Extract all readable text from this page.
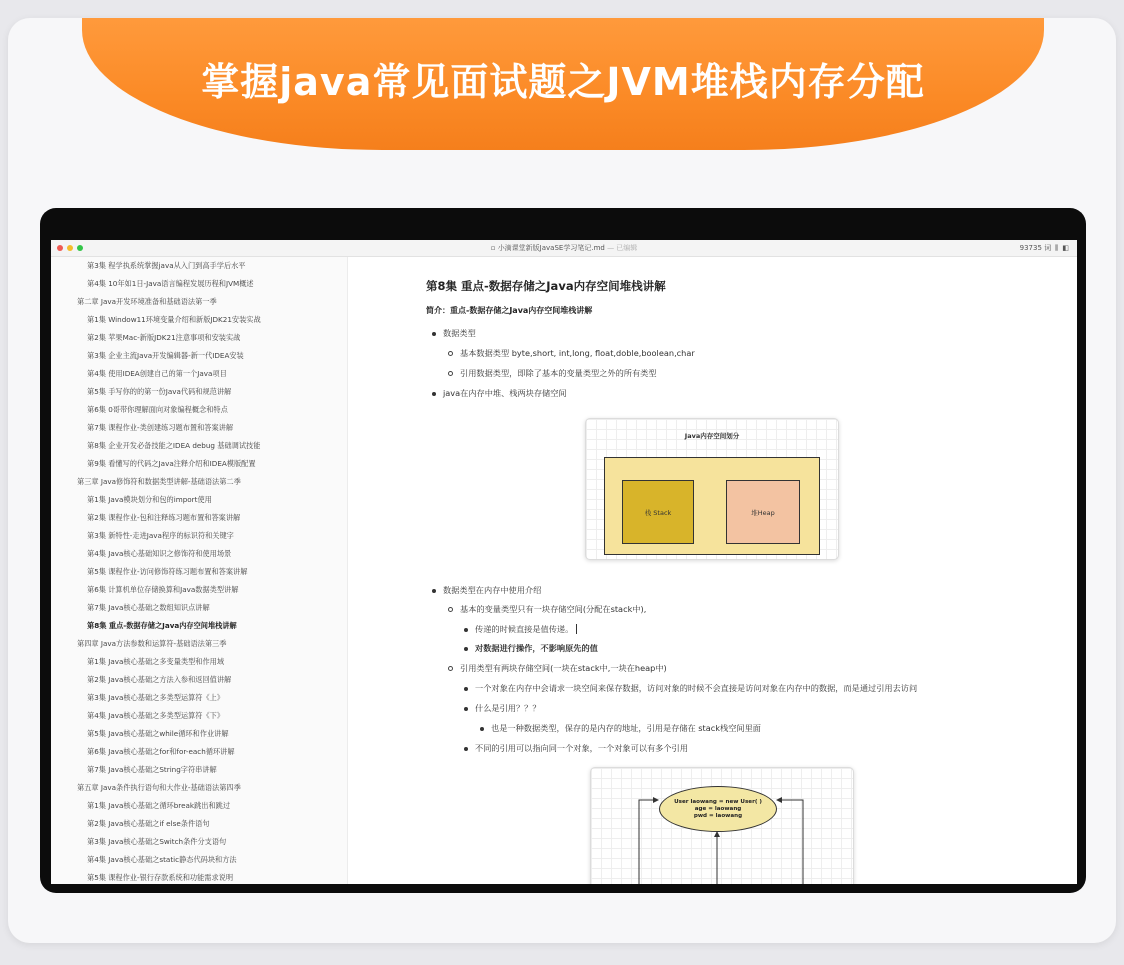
掌握java常见面试题之JVM堆栈内存分配
▫ 小滴课堂新版JavaSE学习笔记.md — 已编辑	93735 词 ⫼ ◧
第3集 程学执系统掌握java从入门到高手学后水平
第4集 10年如1日-Java语言编程发展历程和JVM概述
第二章 Java开发环境准备和基础语法第一季
第1集 Window11环境变量介绍和新版JDK21安装实战
第2集 苹果Mac-新版JDK21注意事项和安装实战
第3集 企业主流Java开发编辑器-新一代IDEA安装
第4集 使用IDEA创建自己的第一个Java项目
第5集 手写你的的第一份Java代码和规范讲解
第6集 0哥带你理解面向对象编程概念和特点
第7集 课程作业-类创建练习题布置和答案讲解
第8集 企业开发必备技能之IDEA debug 基础调试技能
第9集 看懂写的代码之Java注释介绍和IDEA模版配置
第三章 Java修饰符和数据类型讲解-基础语法第二季
第1集 Java模块划分和包的import使用
第2集 课程作业-包和注释练习题布置和答案讲解
第3集 新特性-走进Java程序的标识符和关键字
第4集 Java核心基础知识之修饰符和使用场景
第5集 课程作业-访问修饰符练习题布置和答案讲解
第6集 计算机单位存储换算和Java数据类型讲解
第7集 Java核心基础之数组知识点讲解
第8集 重点-数据存储之Java内存空间堆栈讲解
第四章 Java方法参数和运算符-基础语法第三季
第1集 Java核心基础之多变量类型和作用域
第2集 Java核心基础之方法入参和返回值讲解
第3集 Java核心基础之多类型运算符《上》
第4集 Java核心基础之多类型运算符《下》
第5集 Java核心基础之while循环和作业讲解
第6集 Java核心基础之for和for-each循环讲解
第7集 Java核心基础之String字符串讲解
第五章 Java条件执行语句和大作业-基础语法第四季
第1集 Java核心基础之循环break跳出和跳过
第2集 Java核心基础之if else条件语句
第3集 Java核心基础之Switch条件分支语句
第4集 Java核心基础之static静态代码块和方法
第5集 课程作业-银行存款系统和功能需求说明
第8集 重点-数据存储之Java内存空间堆栈讲解
简介：重点-数据存储之Java内存空间堆栈讲解
数据类型
基本数据类型 byte,short, int,long, float,doble,boolean,char
引用数据类型，即除了基本的变量类型之外的所有类型
java在内存中堆、栈两块存储空间
Java内存空间划分
栈 Stack	堆Heap
数据类型在内存中使用介绍
基本的变量类型只有一块存储空间(分配在stack中),
传递的时候直接是值传递。
对数据进行操作，不影响原先的值
引用类型有两块存储空间(一块在stack中,一块在heap中)
一个对象在内存中会请求一块空间来保存数据，访问对象的时候不会直接是访问对象在内存中的数据，而是通过引用去访问
什么是引用？？？
也是一种数据类型，保存的是内存的地址，引用是存储在 stack栈空间里面
不同的引用可以指向同一个对象，一个对象可以有多个引用
User laowang = new User( )
age = laowang
pwd = laowang
